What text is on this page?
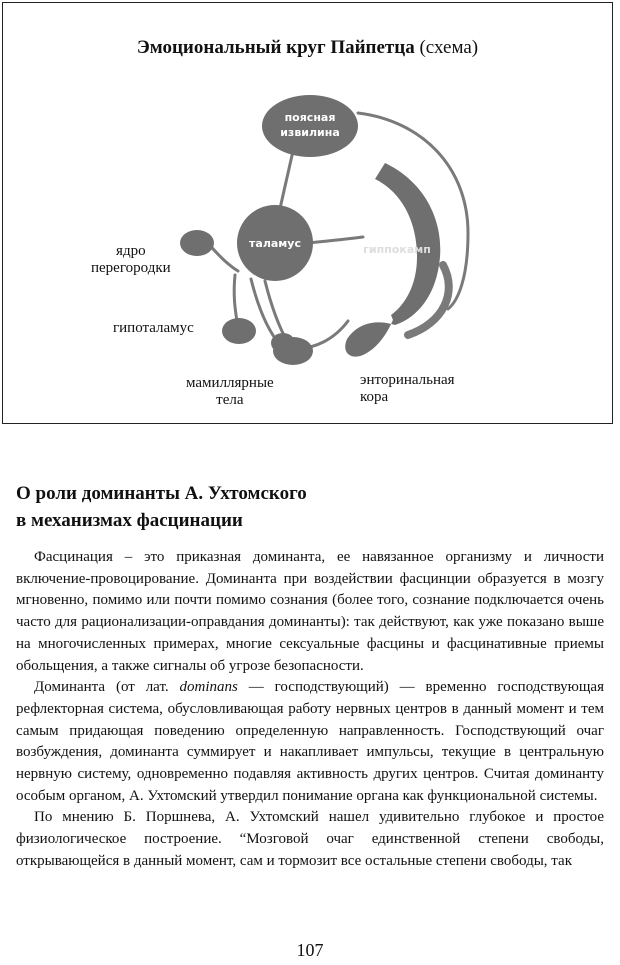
Эмоциональный круг Пайпетца (схема)
поясная
извилина
таламус	гиппокамп
ядро
перегородки
гипоталамус
мамиллярные
тела
энторинальная
кора
О роли доминанты А. Ухтомского
в механизмах фасцинации

Фасцинация – это приказная доминанта, ее навязанное организму и личности включение-провоцирование. Доминанта при воздействии фасцинции образуется в мозгу мгновенно, помимо или почти помимо сознания (более того, сознание подключается очень часто для рационализации-оправдания доминанты): так действуют, как уже показано выше на многочисленных примерах, многие сексуальные фасцины и фасцинативные приемы обольщения, а также сигналы об угрозе безопасности.

Доминанта (от лат. dominans — господствующий) — временно господствующая рефлекторная система, обусловливающая работу нервных центров в данный момент и тем самым придающая поведению определенную направленность. Господствующий очаг возбуждения, доминанта суммирует и накапливает импульсы, текущие в центральную нервную систему, одновременно подавляя активность других центров. Считая доминанту особым органом, А. Ухтомский утвердил понимание органа как функциональной системы.

По мнению Б. Поршнева, А. Ухтомский нашел удивительно глубокое и простое физиологическое построение. “Мозговой очаг единственной степени свободы, открывающейся в данный момент, сам и тормозит все остальные степени свободы, так

107
